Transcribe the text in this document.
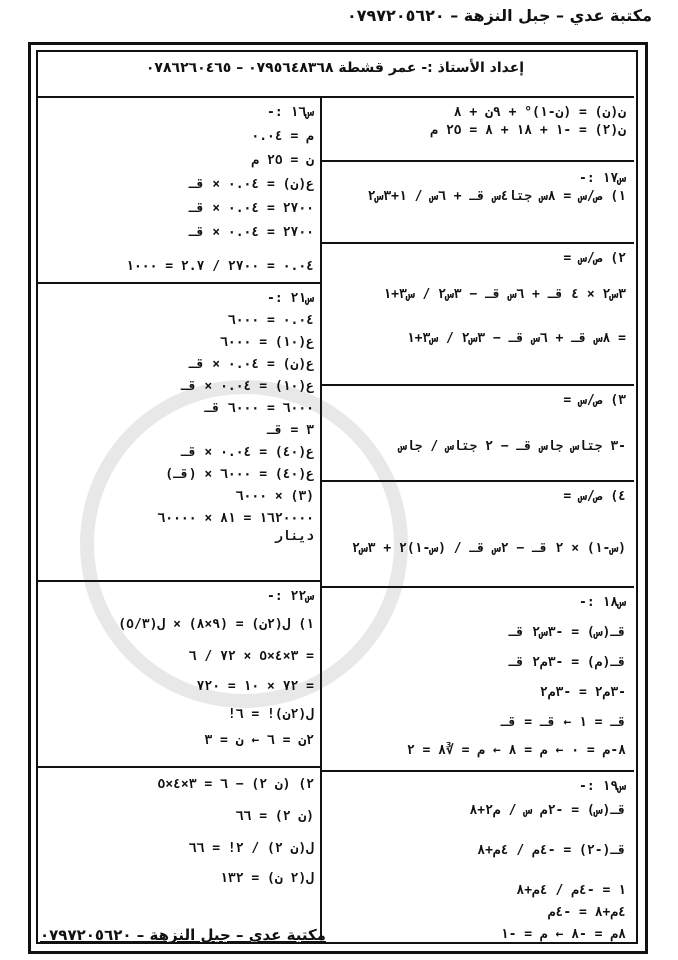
مكتبة عدي – جبل النزهة – ٠٧٩٧٢٠٥٦٢٠
إعداد الأستاذ :- عمر قشطة ٠٧٩٥٦٤٨٣٦٨ – ٠٧٨٦٢٦٠٤٦٥
ن(ن) = (ن-١)° + ٩ن + ٨
ن(٢) = -١ + ١٨ + ٨ = ٢٥ م
س١٧ :-
١) ص/س = ٨س جتا٤س قـ + ٦س / ١+٣س٢
٢) ص/س =
٣س٢ × ٤ قـ + ٦س قـ − ٣س٢ / س٣+١
= ٨س قـ + ٦س قـ − ٣س٢ / س٣+١
٣) ص/س =
-٣ جتاس جاس قـ − ٢ جتاس / جاس
٤) ص/س =
(س-١) × ٢ قـ − ٢س قـ / (س-١)٢ + ٣س٢
س١٨ :-
قـ(س) = -٣س٢ قـ
قـ(م) = -٣م٢ قـ
-٣م٢ = -٣م٢
قـ = ١ ← قـ = قـ
٨-م = ٠ ← م = ٨ ← م = ∛٨ = ٢
س١٩ :-
قـ(س) = -٢م س / م٢+٨
قـ(-٢) = -٤م / ٤م+٨
١ = -٤م / ٤م+٨
٤م+٨ = -٤م
٨م = -٨ ← م = -١
س١٦ :-
م = ٠.٠٤
ن = ٢٥ م
ع(ن) = ٠.٠٤ × قـ
٢٧٠٠ = ٠.٠٤ × قـ
٢٧٠٠ = ٠.٠٤ × قـ
٠.٠٤ = ٢٧٠٠ / ٢.٧ = ١٠٠٠
س٢١ :-
٠.٠٤ = ٦٠٠٠
ع(١٠) = ٦٠٠٠
ع(ن) = ٠.٠٤ × قـ
ع(١٠) = ٠.٠٤ × قـ
٦٠٠٠ = ٦٠٠٠ قـ
٣ = قـ
ع(٤٠) = ٠.٠٤ × قـ
ع(٤٠) = ٦٠٠٠ × (قـ)
(٣) × ٦٠٠٠
١٦٢٠٠٠٠ = ٨١ × ٦٠٠٠٠
دينار
س٢٢ :-
١) ل(٢ن) = (٩×٨) × ل(٥/٣)
= ٣×٤×٥ × ٧٢ / ٦
= ٧٢ × ١٠ = ٧٢٠
ل(٢ن)! = ٦!
٢ن = ٦ ← ن = ٣
٢) (ن ٢) − ٦ = ٣×٤×٥
(ن ٢) = ٦٦
ل(ن ٢) / ٢! = ٦٦
ل(٢ ن) = ١٣٢
مكتبة عدي – جبل النزهة – ٠٧٩٧٢٠٥٦٢٠
